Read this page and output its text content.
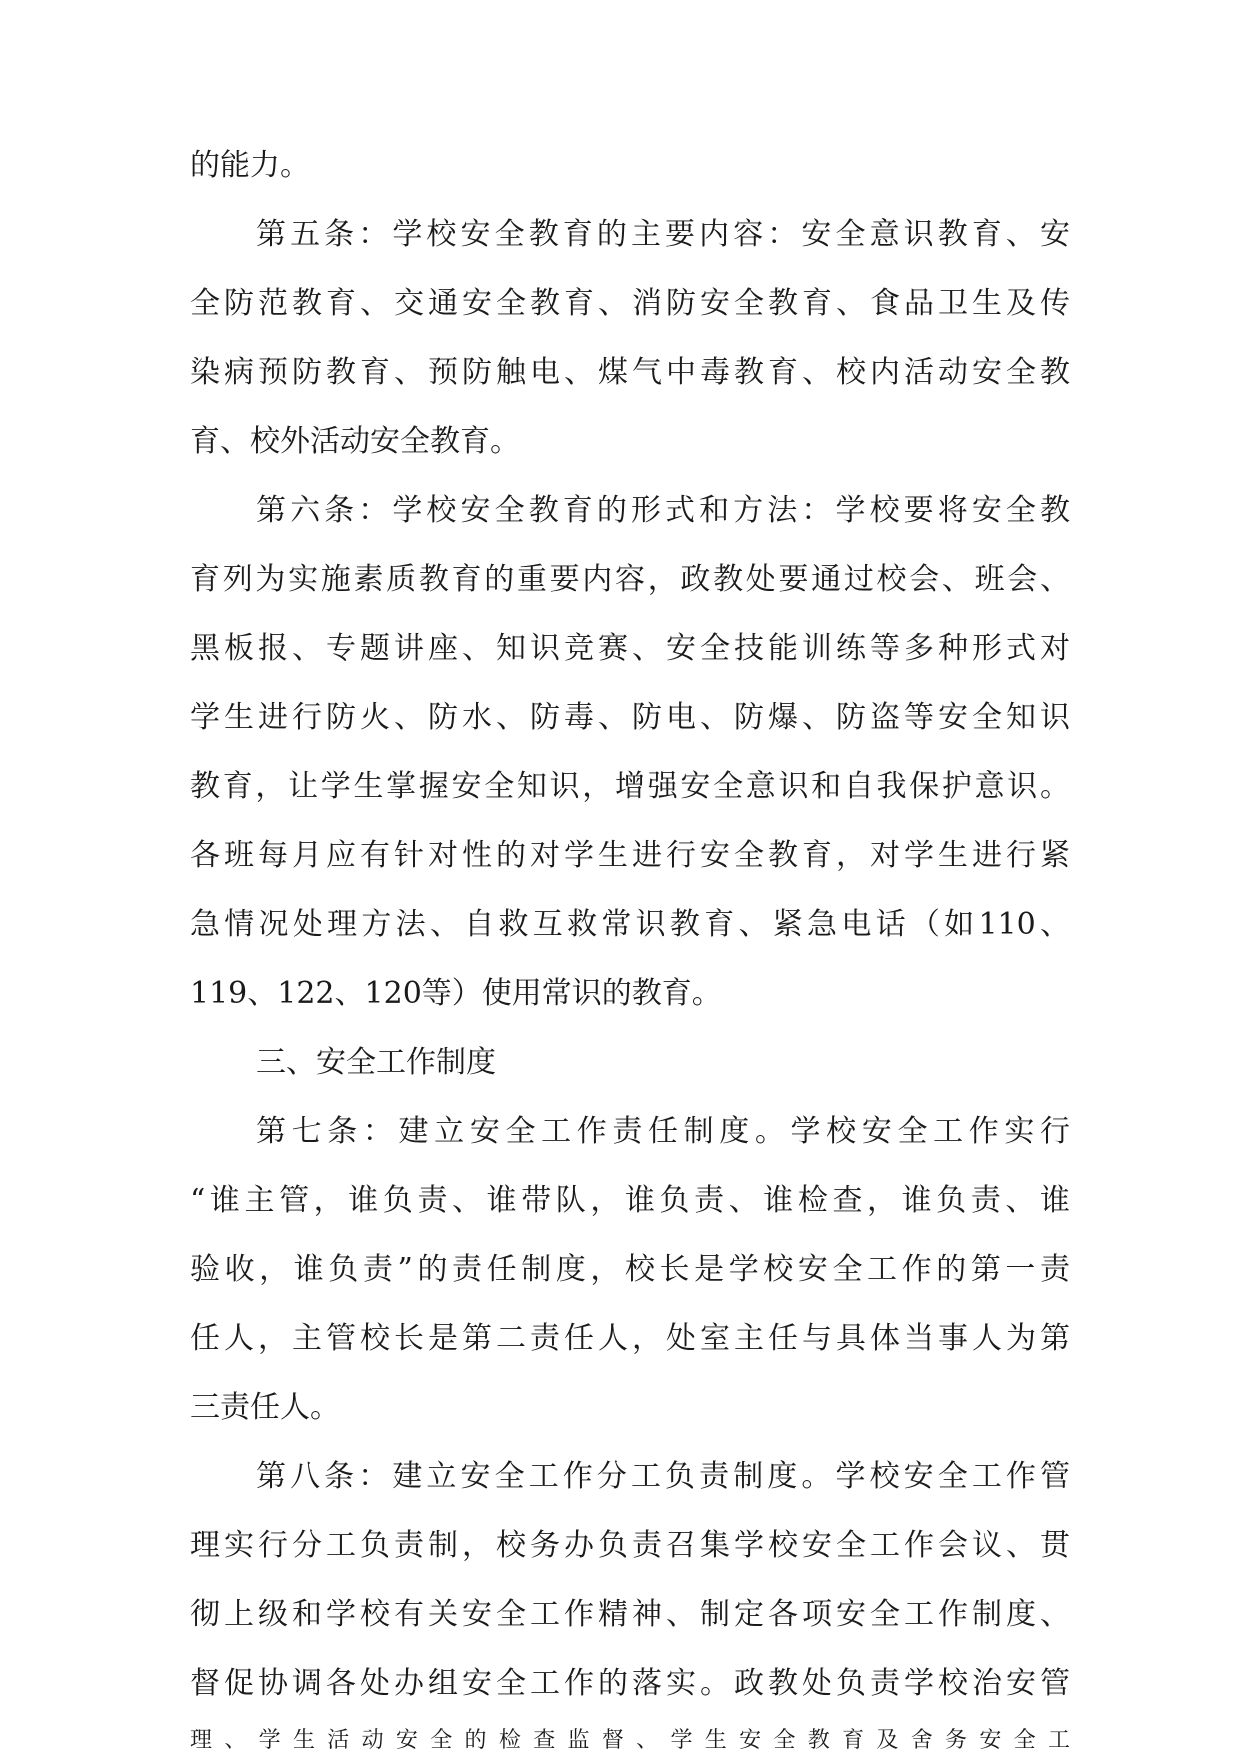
的能力。
第五条：学校安全教育的主要内容：安全意识教育、安
全防范教育、交通安全教育、消防安全教育、食品卫生及传
染病预防教育、预防触电、煤气中毒教育、校内活动安全教
育、校外活动安全教育。
第六条：学校安全教育的形式和方法：学校要将安全教
育列为实施素质教育的重要内容，政教处要通过校会、班会、
黑板报、专题讲座、知识竞赛、安全技能训练等多种形式对
学生进行防火、防水、防毒、防电、防爆、防盗等安全知识
教育，让学生掌握安全知识，增强安全意识和自我保护意识。
各班每月应有针对性的对学生进行安全教育，对学生进行紧
急情况处理方法、自救互救常识教育、紧急电话（如110、
119、122、120等）使用常识的教育。
三、安全工作制度
第七条：建立安全工作责任制度。学校安全工作实行
“谁主管，谁负责、谁带队，谁负责、谁检查，谁负责、谁
验收，谁负责”的责任制度，校长是学校安全工作的第一责
任人，主管校长是第二责任人，处室主任与具体当事人为第
三责任人。
第八条：建立安全工作分工负责制度。学校安全工作管
理实行分工负责制，校务办负责召集学校安全工作会议、贯
彻上级和学校有关安全工作精神、制定各项安全工作制度、
督促协调各处办组安全工作的落实。政教处负责学校治安管
理、学生活动安全的检查监督、学生安全教育及舍务安全工
